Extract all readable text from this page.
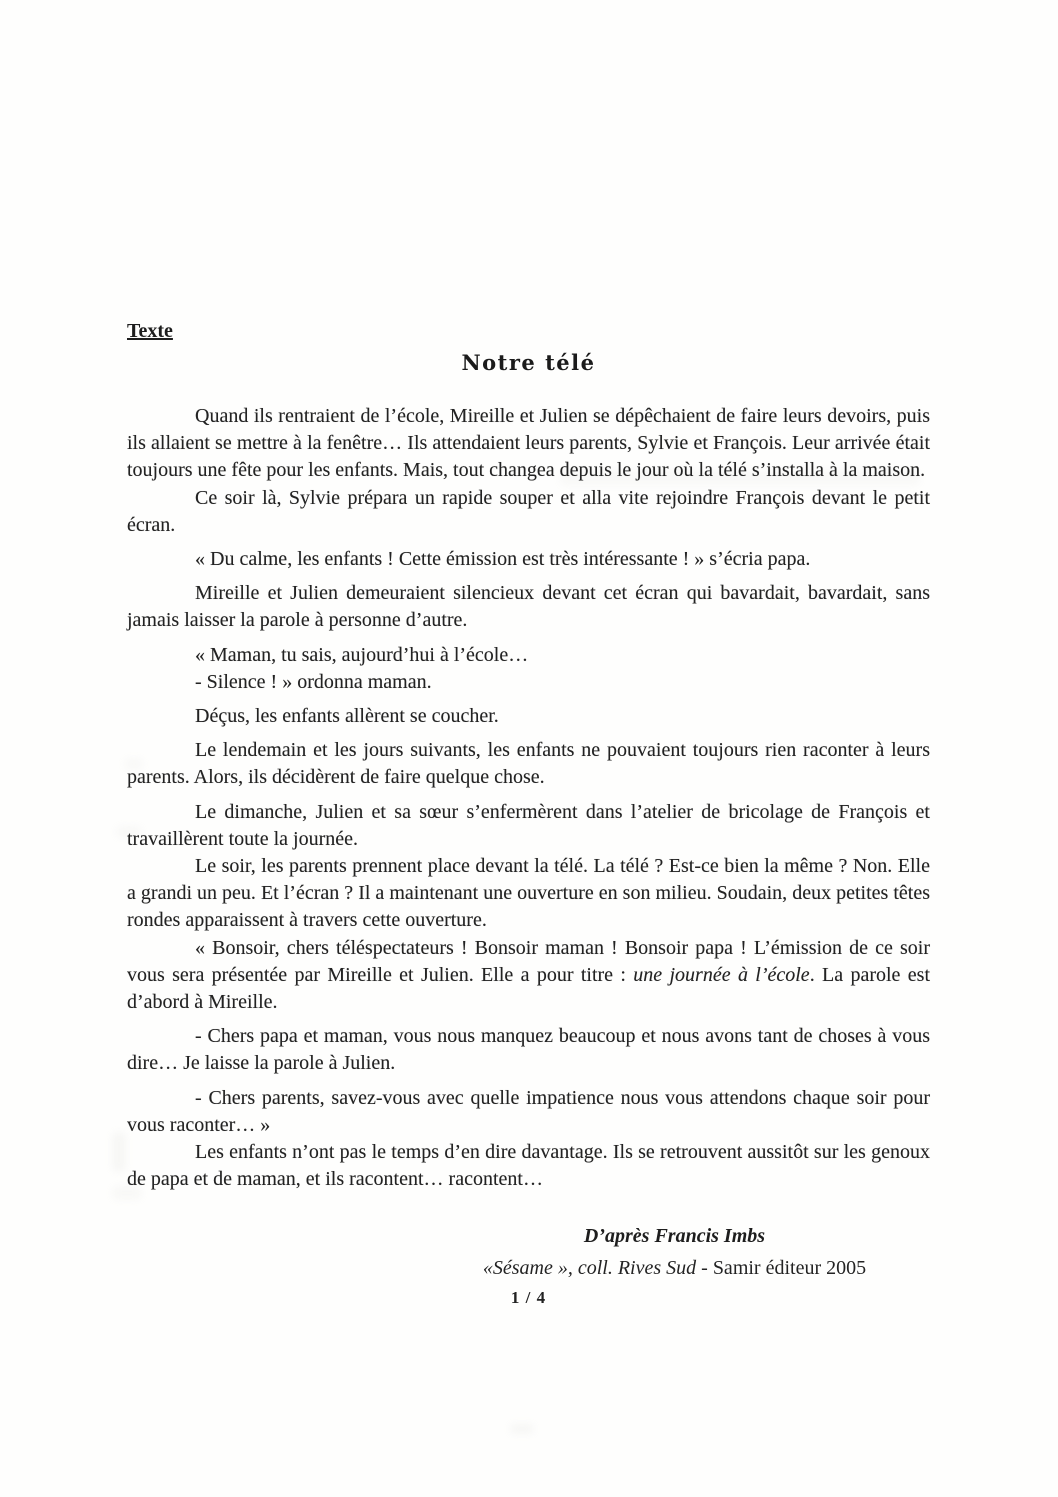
Texte
Notre télé

Quand ils rentraient de l’école, Mireille et Julien se dépêchaient de faire leurs devoirs, puis ils allaient se mettre à la fenêtre… Ils attendaient leurs parents, Sylvie et François. Leur arrivée était toujours une fête pour les enfants. Mais, tout changea depuis le jour où la télé s’installa à la maison.

Ce soir là, Sylvie prépara un rapide souper et alla vite rejoindre François devant le petit écran.

« Du calme, les enfants ! Cette émission est très intéressante ! » s’écria papa.

Mireille et Julien demeuraient silencieux devant cet écran qui bavardait, bavardait, sans jamais laisser la parole à personne d’autre.

« Maman, tu sais, aujourd’hui à l’école…

- Silence ! » ordonna maman.

Déçus, les enfants allèrent se coucher.

Le lendemain et les jours suivants, les enfants ne pouvaient toujours rien raconter à leurs parents. Alors, ils décidèrent de faire quelque chose.

Le dimanche, Julien et sa sœur s’enfermèrent dans l’atelier de bricolage de François et travaillèrent toute la journée.

Le soir, les parents prennent place devant la télé. La télé ? Est-ce bien la même ? Non. Elle a grandi un peu. Et l’écran ? Il a maintenant une ouverture en son milieu. Soudain, deux petites têtes rondes apparaissent à travers cette ouverture.

« Bonsoir, chers téléspectateurs ! Bonsoir maman ! Bonsoir papa ! L’émission de ce soir vous sera présentée par Mireille et Julien. Elle a pour titre : une journée à l’école. La parole est d’abord à Mireille.

- Chers papa et maman, vous nous manquez beaucoup et nous avons tant de choses à vous dire… Je laisse la parole à Julien.

- Chers parents, savez-vous avec quelle impatience nous vous attendons chaque soir pour vous raconter… »

Les enfants n’ont pas le temps d’en dire davantage. Ils se retrouvent aussitôt sur les genoux de papa et de maman, et ils racontent… racontent…

D’après Francis Imbs
«Sésame », coll. Rives Sud - Samir éditeur 2005
1 / 4
